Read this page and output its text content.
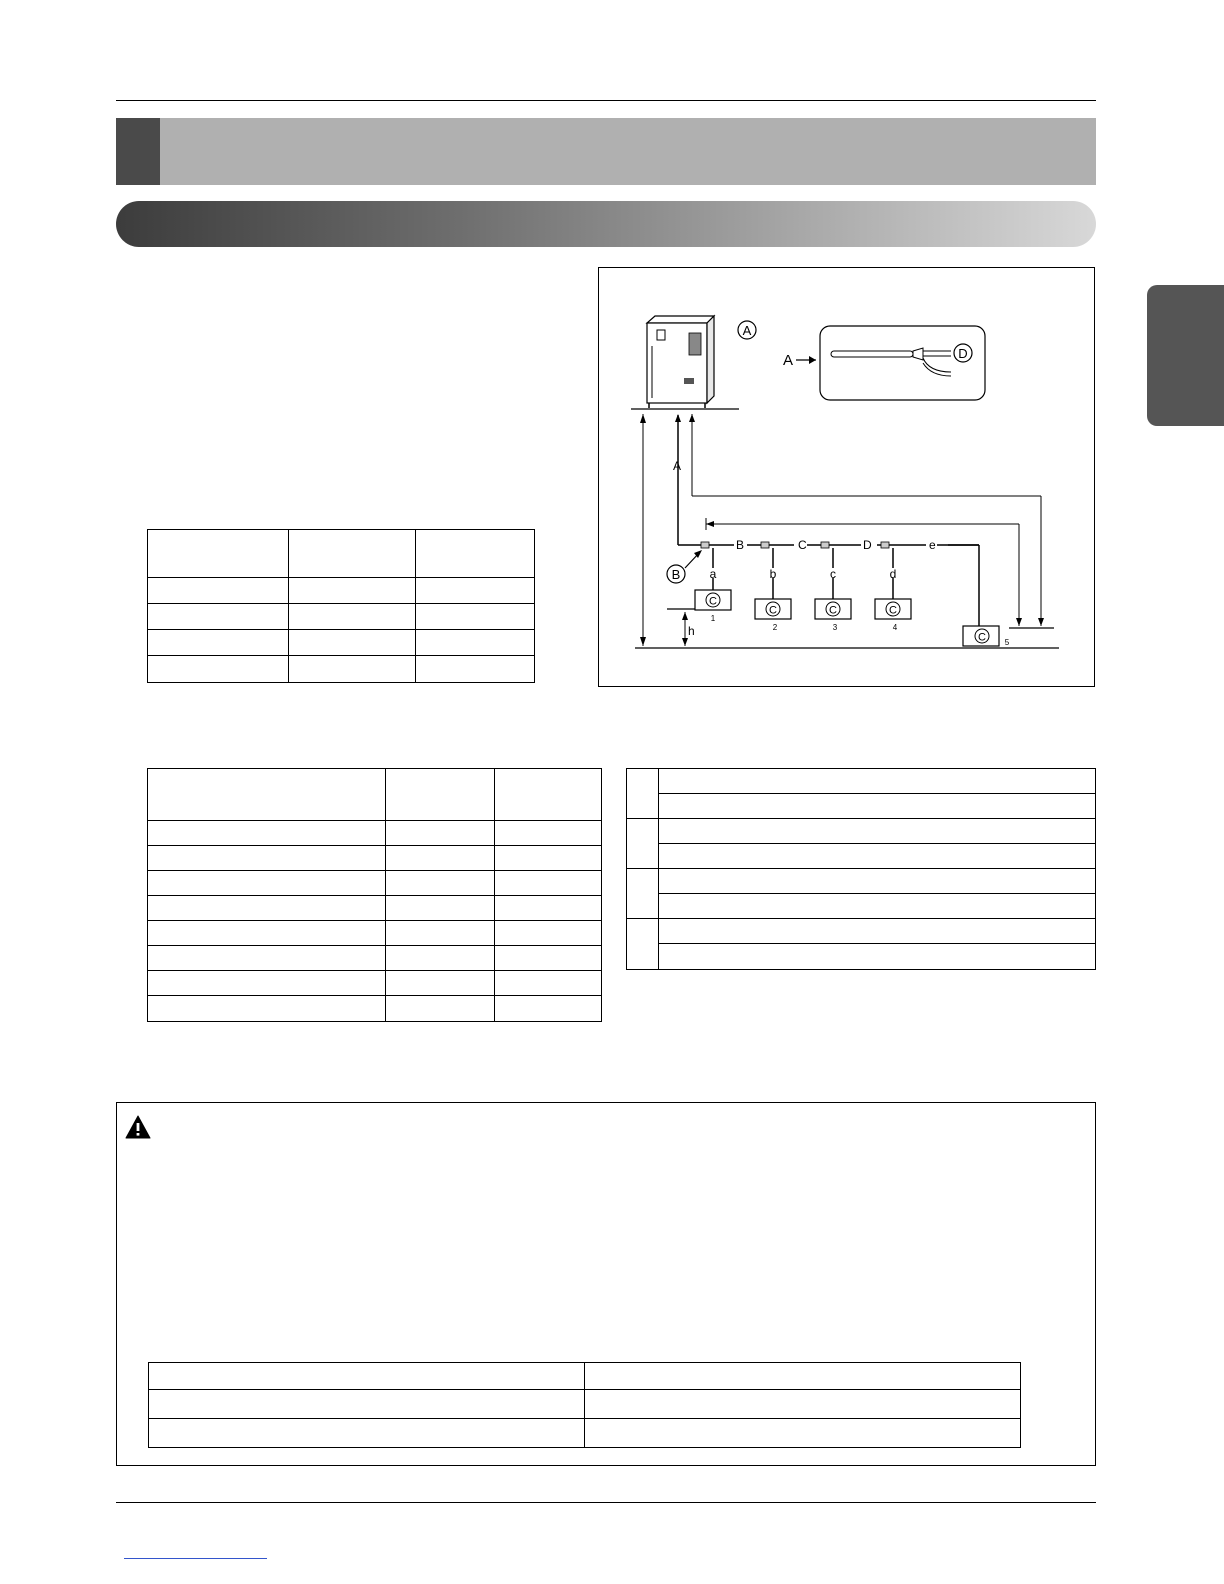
A
A	D
A
B	C	D	e
B a	b	c	d
C
1
C
2
C
3
C
4
C 5
h
